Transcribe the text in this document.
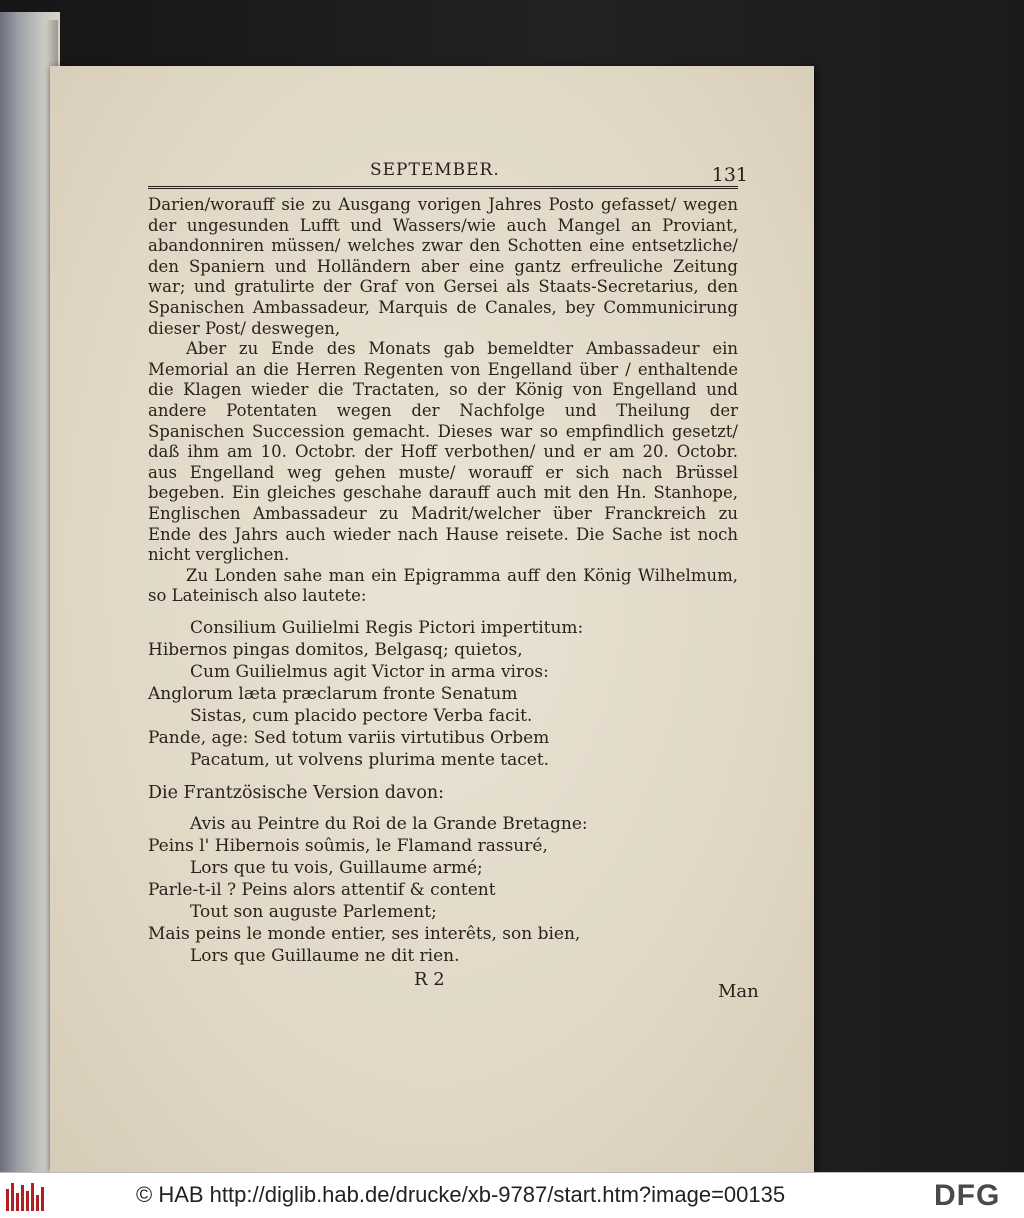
SEPTEMBER.	131

Darien/worauff sie zu Ausgang vorigen Jahres Posto gefasset/ wegen der ungesunden Lufft und Wassers/wie auch Mangel an Proviant, abandonniren müssen/ welches zwar den Schotten eine entsetzliche/ den Spaniern und Holländern aber eine gantz erfreuliche Zeitung war; und gratulirte der Graf von Gersei als Staats-Secretarius, den Spanischen Ambassadeur, Marquis de Canales, bey Communicirung dieser Post/ deswegen,

Aber zu Ende des Monats gab bemeldter Ambassadeur ein Memorial an die Herren Regenten von Engelland über / enthaltende die Klagen wieder die Tractaten, so der König von Engelland und andere Potentaten wegen der Nachfolge und Theilung der Spanischen Succession gemacht. Dieses war so empfindlich gesetzt/ daß ihm am 10. Octobr. der Hoff verbothen/ und er am 20. Octobr. aus Engelland weg gehen muste/ worauff er sich nach Brüssel begeben. Ein gleiches geschahe darauff auch mit den Hn. Stanhope, Englischen Ambassadeur zu Madrit/welcher über Franckreich zu Ende des Jahrs auch wieder nach Hause reisete. Die Sache ist noch nicht verglichen.

Zu Londen sahe man ein Epigramma auff den König Wilhelmum, so Lateinisch also lautete:

Consilium Guilielmi Regis Pictori impertitum:
Hibernos pingas domitos, Belgasq; quietos,
Cum Guilielmus agit Victor in arma viros:
Anglorum læta præclarum fronte Senatum
Sistas, cum placido pectore Verba facit.
Pande, age: Sed totum variis virtutibus Orbem
Pacatum, ut volvens plurima mente tacet.
Die Frantzösische Version davon:
Avis au Peintre du Roi de la Grande Bretagne:
Peins l' Hibernois soûmis, le Flamand rassuré,
Lors que tu vois, Guillaume armé;
Parle-t-il ? Peins alors attentif & content
Tout son auguste Parlement;
Mais peins le monde entier, ses interêts, son bien,
Lors que Guillaume ne dit rien.
R 2
Man
© HAB http://diglib.hab.de/drucke/xb-9787/start.htm?image=00135	DFG
